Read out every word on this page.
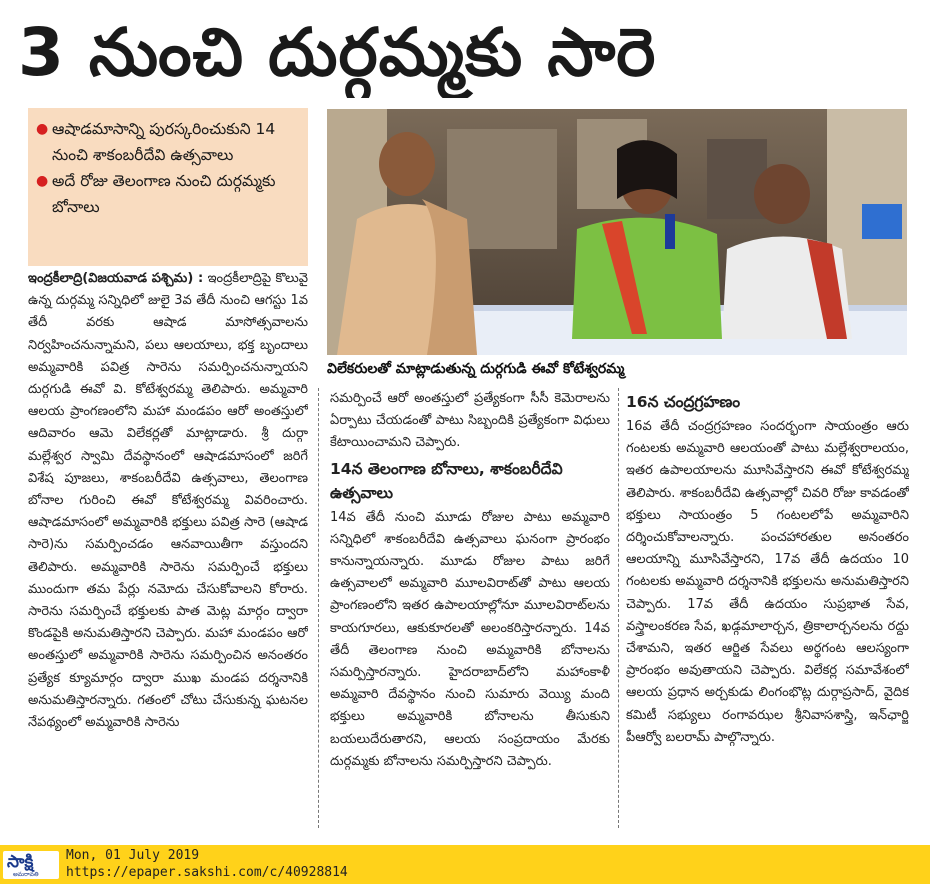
3 నుంచి దుర్గమ్మకు సారె
● ఆషాడమాసాన్ని పురస్కరించుకుని 14 నుంచి శాకంబరీదేవి ఉత్సవాలు
● అదే రోజు తెలంగాణ నుంచి దుర్గమ్మకు బోనాలు
విలేకరులతో మాట్లాడుతున్న దుర్గగుడి ఈవో కోటేశ్వరమ్మ

ఇంద్రకీలాద్రి(విజయవాడ పశ్చిమ) : ఇంద్రకీలాద్రిపై కొలువై ఉన్న దుర్గమ్మ సన్నిధిలో జులై 3వ తేదీ నుంచి ఆగస్టు 1వ తేదీ వరకు ఆషాడ మాసోత్సవాలను నిర్వహించనున్నామని, పలు ఆలయాలు, భక్త బృందాలు అమ్మవారికి పవిత్ర సారెను సమర్పించనున్నాయని దుర్గగుడి ఈవో వి. కోటేశ్వరమ్మ తెలిపారు. అమ్మవారి ఆలయ ప్రాంగణంలోని మహా మండపం ఆరో అంతస్తులో ఆదివారం ఆమె విలేకర్లతో మాట్లాడారు. శ్రీ దుర్గా మల్లేశ్వర స్వామి దేవస్థానంలో ఆషాడమాసంలో జరిగే విశేష పూజలు, శాకంబరీదేవి ఉత్సవాలు, తెలంగాణ బోనాల గురించి ఈవో కోటేశ్వరమ్మ వివరించారు. ఆషాడమాసంలో అమ్మవారికి భక్తులు పవిత్ర సారె (ఆషాడ సారె)ను సమర్పించడం ఆనవాయితీగా వస్తుందని తెలిపారు. అమ్మవారికి సారెను సమర్పించే భక్తులు ముందుగా తమ పేర్లు నమోదు చేసుకోవాలని కోరారు. సారెను సమర్పించే భక్తులకు పాత మెట్ల మార్గం ద్వారా కొండపైకి అనుమతిస్తారని చెప్పారు. మహా మండపం ఆరో అంతస్తులో అమ్మవారికి సారెను సమర్పించిన అనంతరం ప్రత్యేక క్యూమార్గం ద్వారా ముఖ మండప దర్శనానికి అనుమతిస్తారన్నారు. గతంలో చోటు చేసుకున్న ఘటనల నేపథ్యంలో అమ్మవారికి సారెను

సమర్పించే ఆరో అంతస్తులో ప్రత్యేకంగా సీసీ కెమెరాలను ఏర్పాటు చేయడంతో పాటు సిబ్బందికి ప్రత్యేకంగా విధులు కేటాయించామని చెప్పారు.

14న తెలంగాణ బోనాలు, శాకంబరీదేవి ఉత్సవాలు

14వ తేదీ నుంచి మూడు రోజుల పాటు అమ్మవారి సన్నిధిలో శాకంబరీదేవి ఉత్సవాలు ఘనంగా ప్రారంభం కానున్నాయన్నారు. మూడు రోజుల పాటు జరిగే ఉత్సవాలలో అమ్మవారి మూలవిరాట్‌తో పాటు ఆలయ ప్రాంగణంలోని ఇతర ఉపాలయాల్లోనూ మూలవిరాట్‌లను కాయగూరలు, ఆకుకూరలతో అలంకరిస్తారన్నారు. 14వ తేదీ తెలంగాణ నుంచి అమ్మవారికి బోనాలను సమర్పిస్తారన్నారు. హైదరాబాద్‌లోని మహాంకాళీ అమ్మవారి దేవస్థానం నుంచి సుమారు వెయ్యి మంది భక్తులు అమ్మవారికి బోనాలను తీసుకుని బయలుదేరుతారని, ఆలయ సంప్రదాయం మేరకు దుర్గమ్మకు బోనాలను సమర్పిస్తారని చెప్పారు.

16న చంద్రగ్రహణం

16వ తేదీ చంద్రగ్రహణం సందర్భంగా సాయంత్రం ఆరు గంటలకు అమ్మవారి ఆలయంతో పాటు మల్లేశ్వరాలయం, ఇతర ఉపాలయాలను మూసివేస్తారని ఈవో కోటేశ్వరమ్మ తెలిపారు. శాకంబరీదేవి ఉత్సవాల్లో చివరి రోజు కావడంతో భక్తులు సాయంత్రం 5 గంటలలోపే అమ్మవారిని దర్శించుకోవాలన్నారు. పంచహారతుల అనంతరం ఆలయాన్ని మూసివేస్తారని, 17వ తేదీ ఉదయం 10 గంటలకు అమ్మవారి దర్శనానికి భక్తులను అనుమతిస్తారని చెప్పారు. 17వ తేదీ ఉదయం సుప్రభాత సేవ, వస్త్రాలంకరణ సేవ, ఖడ్గమాలార్చన, త్రికాలార్చనలను రద్దు చేశామని, ఇతర ఆర్జిత సేవలు అర్థగంట ఆలస్యంగా ప్రారంభం అవుతాయని చెప్పారు. విలేకర్ల సమావేశంలో ఆలయ ప్రధాన అర్చకుడు లింగంభొట్ల దుర్గాప్రసాద్, వైదిక కమిటీ సభ్యులు రంగావఝల శ్రీనివాసశాస్త్రి, ఇన్‌ఛార్జి పీఆర్వో బలరామ్ పాల్గొన్నారు.

సాక్షి
అమరావతి
Mon, 01 July 2019
https://epaper.sakshi.com/c/40928814
